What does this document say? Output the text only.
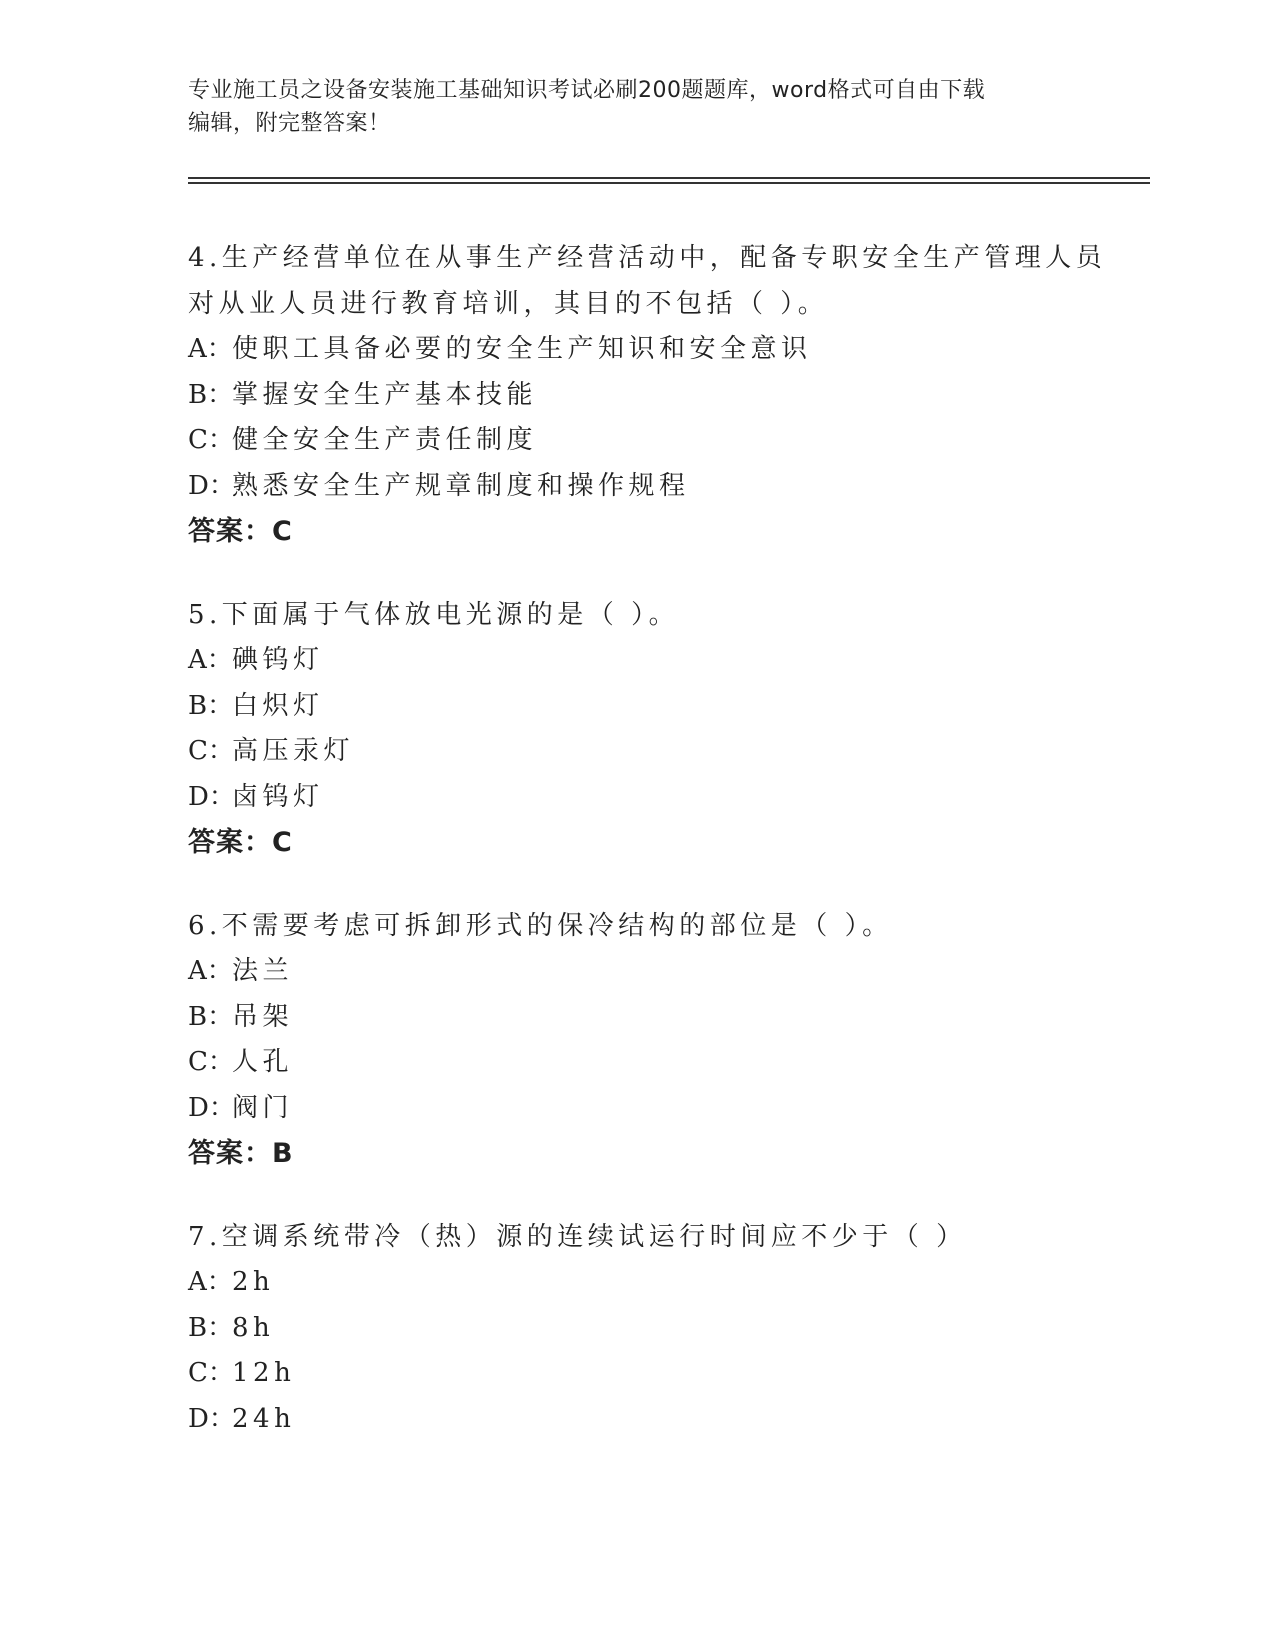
专业施工员之设备安装施工基础知识考试必刷200题题库，word格式可自由下载
编辑，附完整答案！
4.生产经营单位在从事生产经营活动中，配备专职安全生产管理人员
对从业人员进行教育培训，其目的不包括（ ）。
A：使职工具备必要的安全生产知识和安全意识
B：掌握安全生产基本技能
C：健全安全生产责任制度
D：熟悉安全生产规章制度和操作规程
答案：C
5.下面属于气体放电光源的是（ ）。
A：碘钨灯
B：白炽灯
C：高压汞灯
D：卤钨灯
答案：C
6.不需要考虑可拆卸形式的保冷结构的部位是（ ）。
A：法兰
B：吊架
C：人孔
D：阀门
答案：B
7.空调系统带冷（热）源的连续试运行时间应不少于（ ）
A：2h
B：8h
C：12h
D：24h
